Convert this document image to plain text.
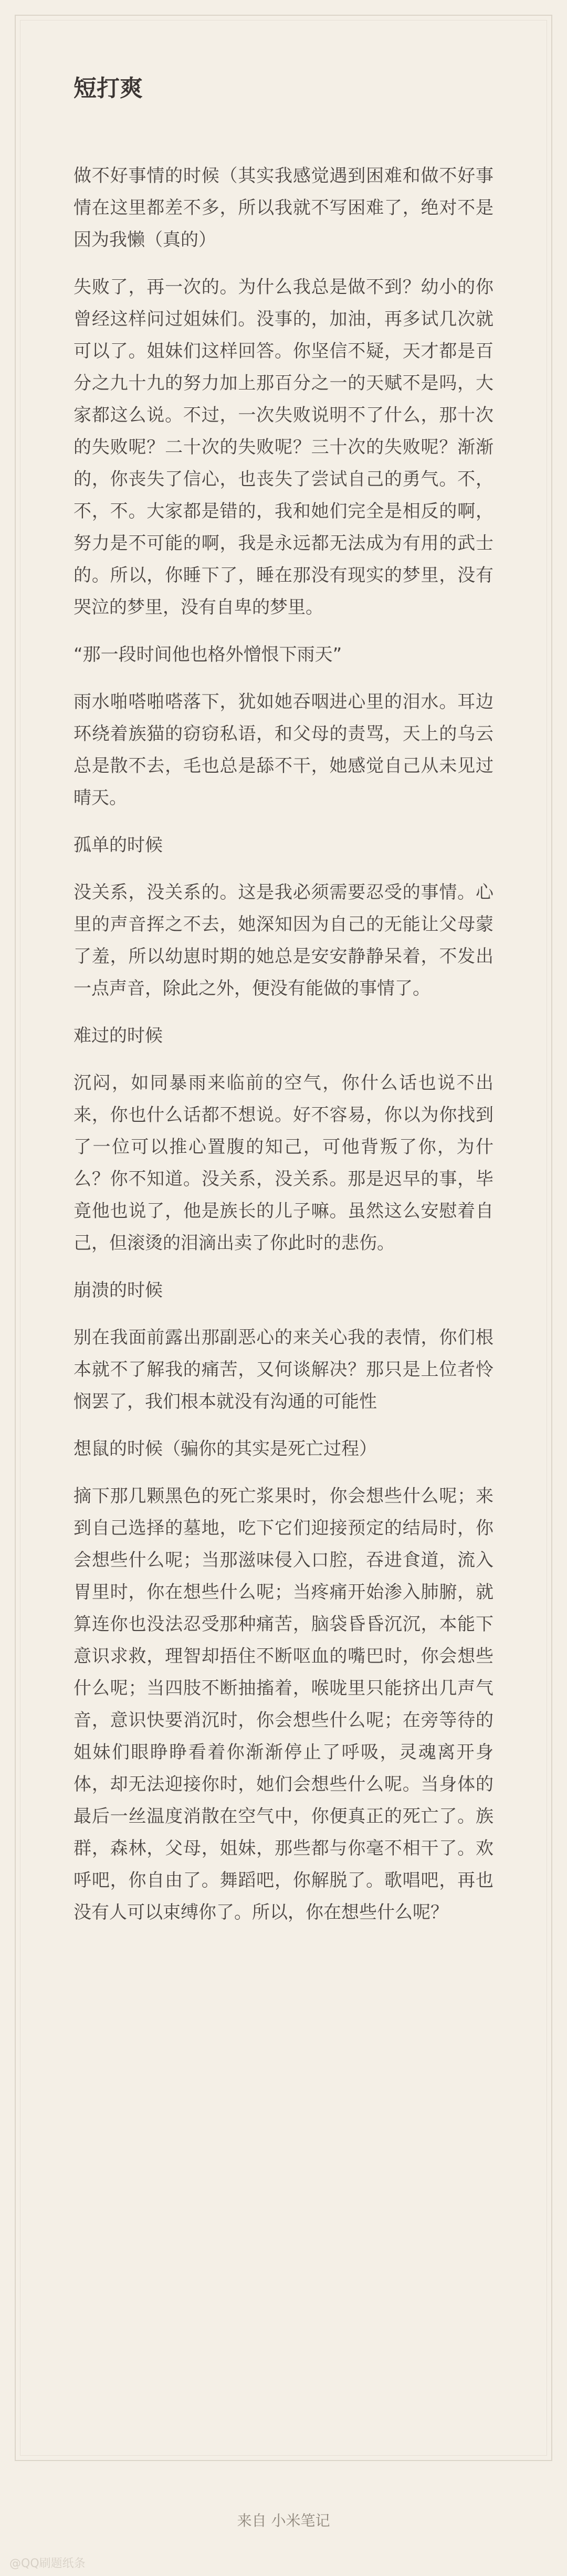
短打爽

做不好事情的时候（其实我感觉遇到困难和做不好事情在这里都差不多，所以我就不写困难了，绝对不是因为我懒（真的）

失败了，再一次的。为什么我总是做不到？幼小的你曾经这样问过姐妹们。没事的，加油，再多试几次就可以了。姐妹们这样回答。你坚信不疑，天才都是百分之九十九的努力加上那百分之一的天赋不是吗，大家都这么说。不过，一次失败说明不了什么，那十次的失败呢？二十次的失败呢？三十次的失败呢？渐渐的，你丧失了信心，也丧失了尝试自己的勇气。不，不，不。大家都是错的，我和她们完全是相反的啊，努力是不可能的啊，我是永远都无法成为有用的武士的。所以，你睡下了，睡在那没有现实的梦里，没有哭泣的梦里，没有自卑的梦里。

“那一段时间他也格外憎恨下雨天”

雨水啪嗒啪嗒落下，犹如她吞咽进心里的泪水。耳边环绕着族猫的窃窃私语，和父母的责骂，天上的乌云总是散不去，毛也总是舔不干，她感觉自己从未见过晴天。

孤单的时候

没关系，没关系的。这是我必须需要忍受的事情。心里的声音挥之不去，她深知因为自己的无能让父母蒙了羞，所以幼崽时期的她总是安安静静呆着，不发出一点声音，除此之外，便没有能做的事情了。

难过的时候

沉闷，如同暴雨来临前的空气，你什么话也说不出来，你也什么话都不想说。好不容易，你以为你找到了一位可以推心置腹的知己，可他背叛了你，为什么？你不知道。没关系，没关系。那是迟早的事，毕竟他也说了，他是族长的儿子嘛。虽然这么安慰着自己，但滚烫的泪滴出卖了你此时的悲伤。

崩溃的时候

别在我面前露出那副恶心的来关心我的表情，你们根本就不了解我的痛苦，又何谈解决？那只是上位者怜悯罢了，我们根本就没有沟通的可能性

想鼠的时候（骗你的其实是死亡过程）

摘下那几颗黑色的死亡浆果时，你会想些什么呢；来到自己选择的墓地，吃下它们迎接预定的结局时，你会想些什么呢；当那滋味侵入口腔，吞进食道，流入胃里时，你在想些什么呢；当疼痛开始渗入肺腑，就算连你也没法忍受那种痛苦，脑袋昏昏沉沉，本能下意识求救，理智却捂住不断呕血的嘴巴时，你会想些什么呢；当四肢不断抽搐着，喉咙里只能挤出几声气音，意识快要消沉时，你会想些什么呢；在旁等待的姐妹们眼睁睁看着你渐渐停止了呼吸，灵魂离开身体，却无法迎接你时，她们会想些什么呢。当身体的最后一丝温度消散在空气中，你便真正的死亡了。族群，森林，父母，姐妹，那些都与你毫不相干了。欢呼吧，你自由了。舞蹈吧，你解脱了。歌唱吧，再也没有人可以束缚你了。所以，你在想些什么呢？

来自 小米笔记
@QQ刷题纸条
